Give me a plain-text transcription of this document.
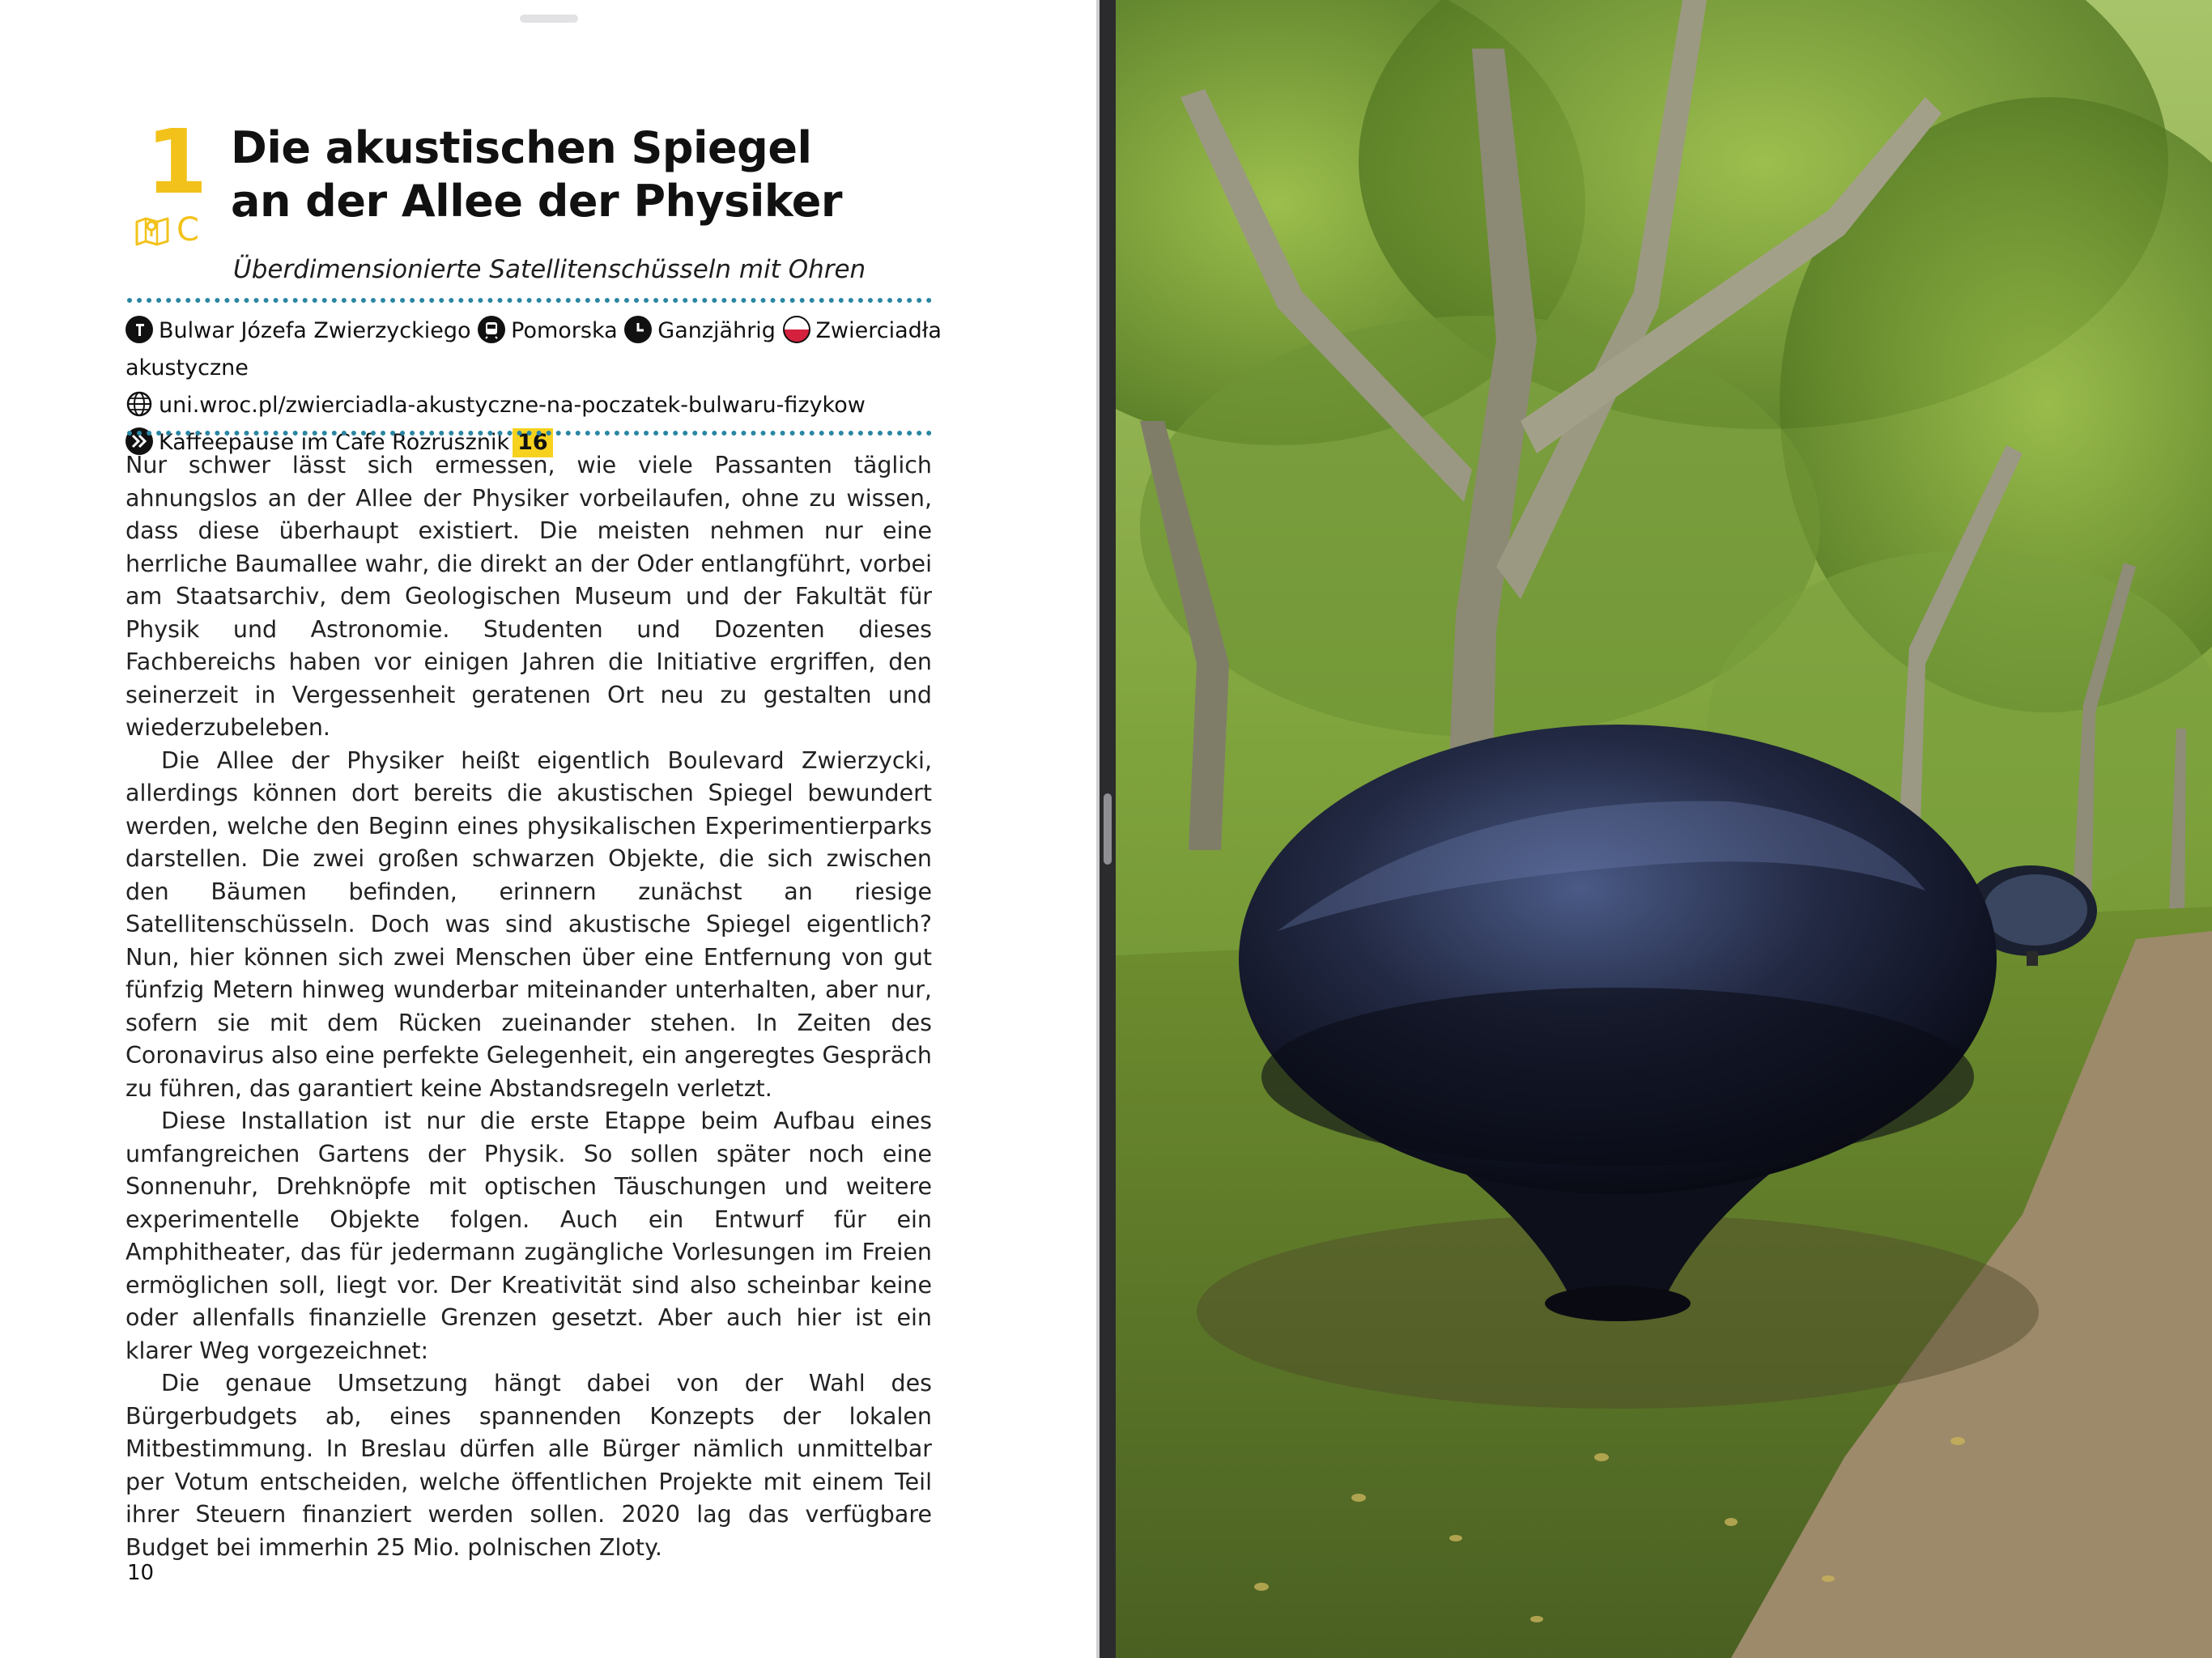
1
C
Die akustischen Spiegel
an der Allee der Physiker
Überdimensionierte Satellitenschüsseln mit Ohren
Bulwar Józefa Zwierzyckiego Pomorska Ganzjährig Zwierciadła akustyczne uni.wroc.pl/zwierciadla-akustyczne-na-poczatek-bulwaru-fizykow

Kaffeepause im Cafe Rozrusznik 16

Nur schwer lässt sich ermessen, wie viele Passanten täglich ahnungslos an der Allee der Physiker vorbeilaufen, ohne zu wissen, dass diese überhaupt existiert. Die meisten nehmen nur eine herrliche Baumallee wahr, die direkt an der Oder entlangführt, vorbei am Staatsarchiv, dem Geologischen Museum und der Fakultät für Physik und Astronomie. Studenten und Dozenten dieses Fachbereichs haben vor einigen Jahren die Initiative ergriffen, den seinerzeit in Vergessenheit geratenen Ort neu zu gestalten und wiederzubeleben.

Die Allee der Physiker heißt eigentlich Boulevard Zwierzycki, allerdings können dort bereits die akustischen Spiegel bewundert werden, welche den Beginn eines physikalischen Experimentierparks darstellen. Die zwei großen schwarzen Objekte, die sich zwischen den Bäumen befinden, erinnern zunächst an riesige Satellitenschüsseln. Doch was sind akustische Spiegel eigentlich? Nun, hier können sich zwei Menschen über eine Entfernung von gut fünfzig Metern hinweg wunderbar miteinander unterhalten, aber nur, sofern sie mit dem Rücken zueinander stehen. In Zeiten des Coronavirus also eine perfekte Gelegenheit, ein angeregtes Gespräch zu führen, das garantiert keine Abstandsregeln verletzt.

Diese Installation ist nur die erste Etappe beim Aufbau eines umfangreichen Gartens der Physik. So sollen später noch eine Sonnenuhr, Drehknöpfe mit optischen Täuschungen und weitere experimentelle Objekte folgen. Auch ein Entwurf für ein Amphitheater, das für jedermann zugängliche Vorlesungen im Freien ermöglichen soll, liegt vor. Der Kreativität sind also scheinbar keine oder allenfalls finanzielle Grenzen gesetzt. Aber auch hier ist ein klarer Weg vorgezeichnet:

Die genaue Umsetzung hängt dabei von der Wahl des Bürgerbudgets ab, eines spannenden Konzepts der lokalen Mitbestimmung. In Breslau dürfen alle Bürger nämlich unmittelbar per Votum entscheiden, welche öffentlichen Projekte mit einem Teil ihrer Steuern finanziert werden sollen. 2020 lag das verfügbare Budget bei immerhin 25 Mio. polnischen Zloty.

10
